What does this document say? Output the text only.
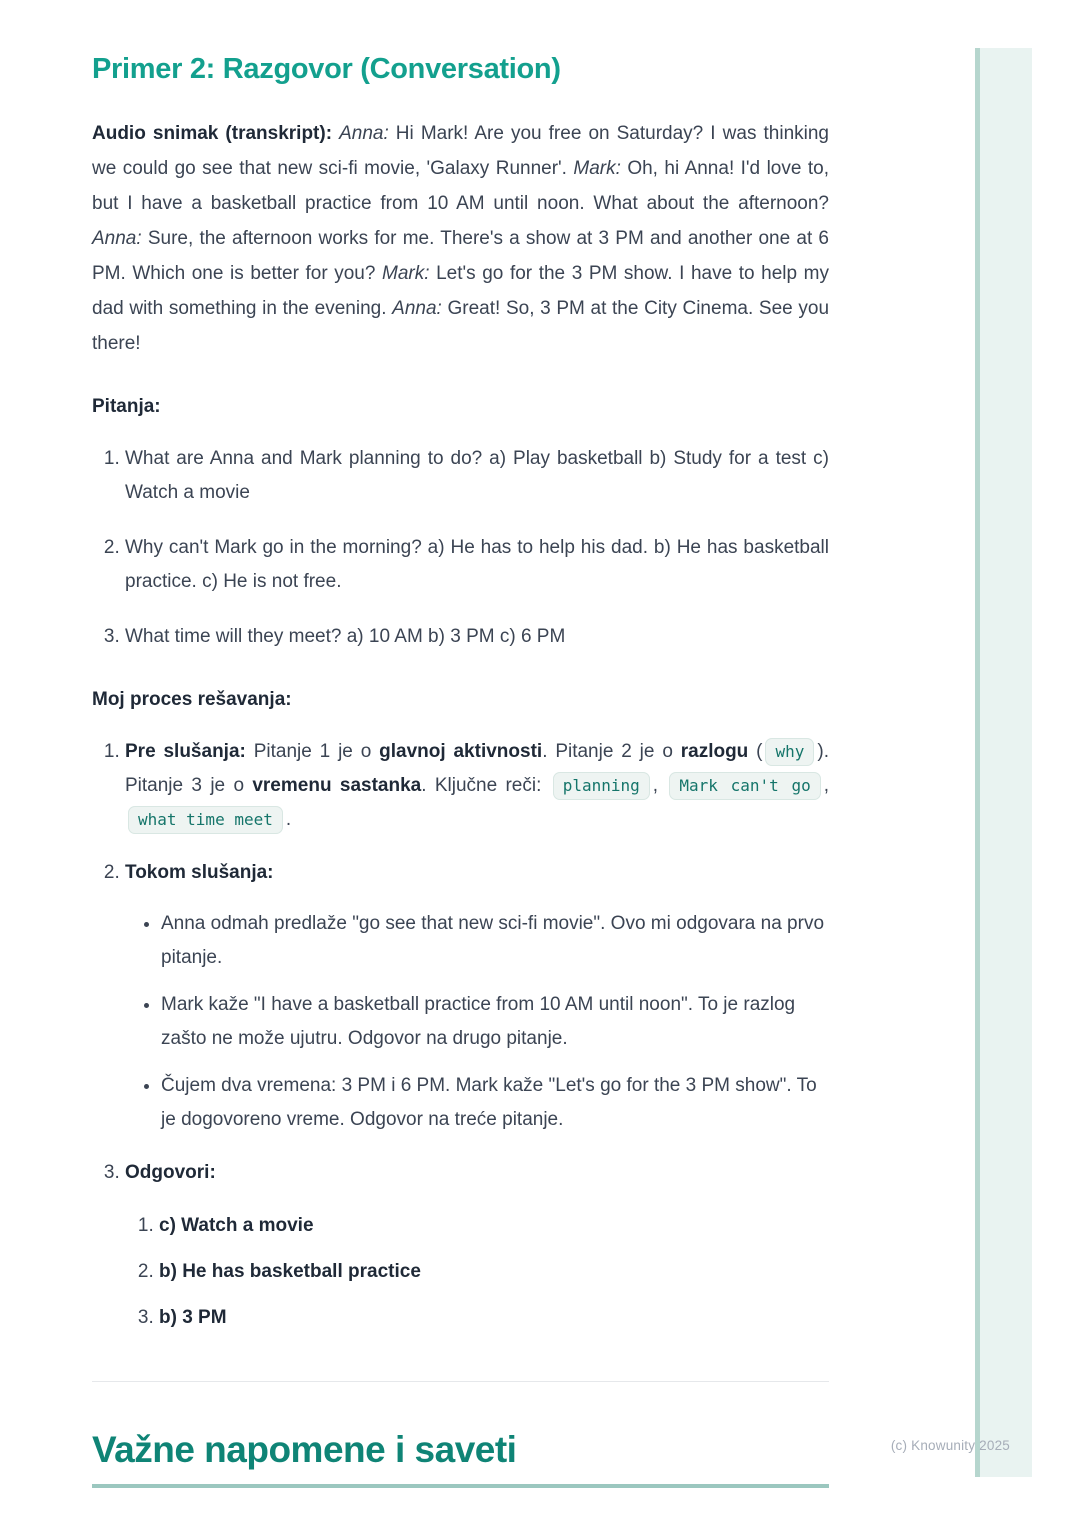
(c) Knowunity 2025
Primer 2: Razgovor (Conversation)

Audio snimak (transkript): Anna: Hi Mark! Are you free on Saturday? I was thinking we could go see that new sci-fi movie, 'Galaxy Runner'. Mark: Oh, hi Anna! I'd love to, but I have a basketball practice from 10 AM until noon. What about the afternoon? Anna: Sure, the afternoon works for me. There's a show at 3 PM and another one at 6 PM. Which one is better for you? Mark: Let's go for the 3 PM show. I have to help my dad with something in the evening. Anna: Great! So, 3 PM at the City Cinema. See you there!

Pitanja:

1. What are Anna and Mark planning to do? a) Play basketball b) Study for a test c) Watch a movie
2. Why can't Mark go in the morning? a) He has to help his dad. b) He has basketball practice. c) He is not free.
3. What time will they meet? a) 10 AM b) 3 PM c) 6 PM

Moj proces rešavanja:

1. Pre slušanja: Pitanje 1 je o glavnoj aktivnosti. Pitanje 2 je o razlogu ( why ). Pitanje 3 je o vremenu sastanka. Ključne reči: planning , Mark can't go , what time meet .
2. Tokom slušanja:
• Anna odmah predlaže "go see that new sci-fi movie". Ovo mi odgovara na prvo pitanje.
• Mark kaže "I have a basketball practice from 10 AM until noon". To je razlog zašto ne može ujutru. Odgovor na drugo pitanje.
• Čujem dva vremena: 3 PM i 6 PM. Mark kaže "Let's go for the 3 PM show". To je dogovoreno vreme. Odgovor na treće pitanje.
3. Odgovori:
1. c) Watch a movie
2. b) He has basketball practice
3. b) 3 PM
Važne napomene i saveti
